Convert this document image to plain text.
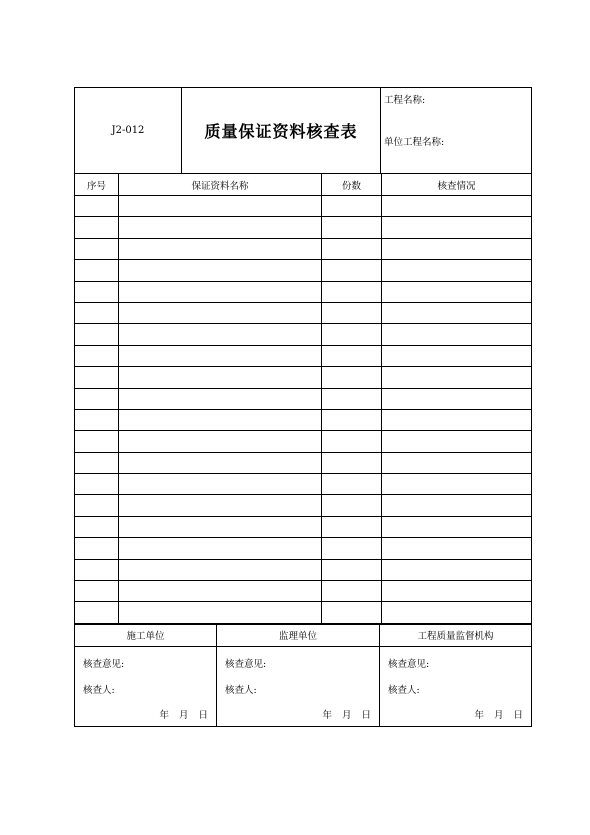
J2-012	质量保证资料核查表
工程名称:
单位工程名称:
序号	保证资料名称	份数	核查情况
施工单位	监理单位	工程质量监督机构
核查意见:
核查人:
年 月 日
核查意见:
核查人:
年 月 日
核查意见:
核查人:
年 月 日
